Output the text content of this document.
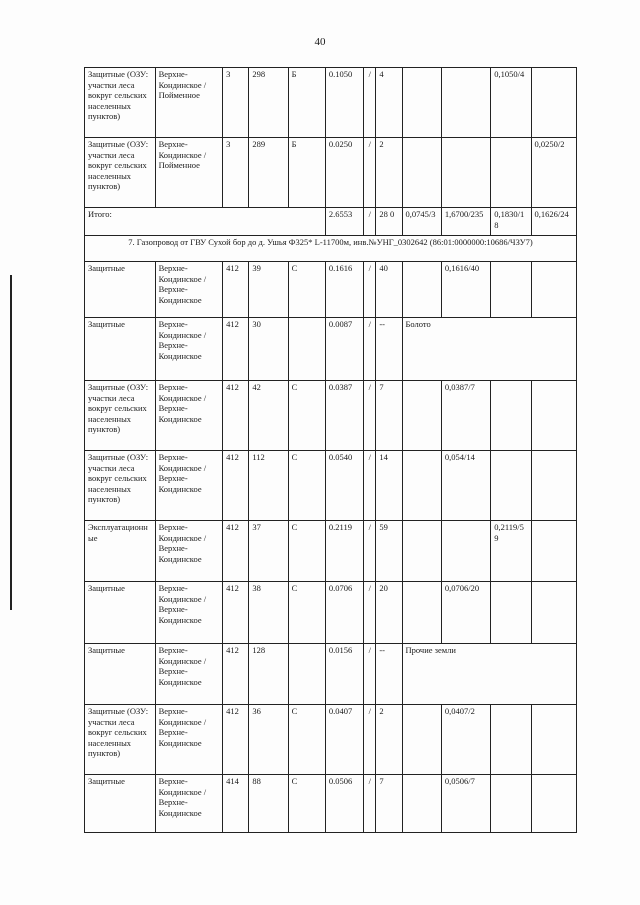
40
Защитные (ОЗУ: участки леса вокруг сельских населенных пунктов)	Верхне-Кондинское / Пойменное	3	298	Б	0.1050	/	4			0,1050/4	
Защитные (ОЗУ: участки леса вокруг сельских населенных пунктов)	Верхне-Кондинское / Пойменное	3	289	Б	0.0250	/	2				0,0250/2
Итого:					2.6553	/	28 0	0,0745/3	1,6700/235	0,1830/18	0,1626/24
7. Газопровод от ГВУ Сухой бор до д. Ушья Ф325* L-11700м, инв.№УНГ_0302642 (86:01:0000000:10686/ЧЗУ7)											
Защитные	Верхне-Кондинское / Верхне-Кондинское	412	39	С	0.1616	/	40		0,1616/40		
Защитные	Верхне-Кондинское / Верхне-Кондинское	412	30		0.0087	/	--	Болото			
Защитные (ОЗУ: участки леса вокруг сельских населенных пунктов)	Верхне-Кондинское / Верхне-Кондинское	412	42	С	0.0387	/	7		0,0387/7		
Защитные (ОЗУ: участки леса вокруг сельских населенных пунктов)	Верхне-Кондинское / Верхне-Кондинское	412	112	С	0.0540	/	14		0,054/14		
Эксплуатационные	Верхне-Кондинское / Верхне-Кондинское	412	37	С	0.2119	/	59			0,2119/59	
Защитные	Верхне-Кондинское / Верхне-Кондинское	412	38	С	0.0706	/	20		0,0706/20		
Защитные	Верхне-Кондинское / Верхне-Кондинское	412	128		0.0156	/	--	Прочие земли			
Защитные (ОЗУ: участки леса вокруг сельских населенных пунктов)	Верхне-Кондинское / Верхне-Кондинское	412	36	С	0.0407	/	2		0,0407/2		
Защитные	Верхне-Кондинское / Верхне-Кондинское	414	88	С	0.0506	/	7		0,0506/7		
